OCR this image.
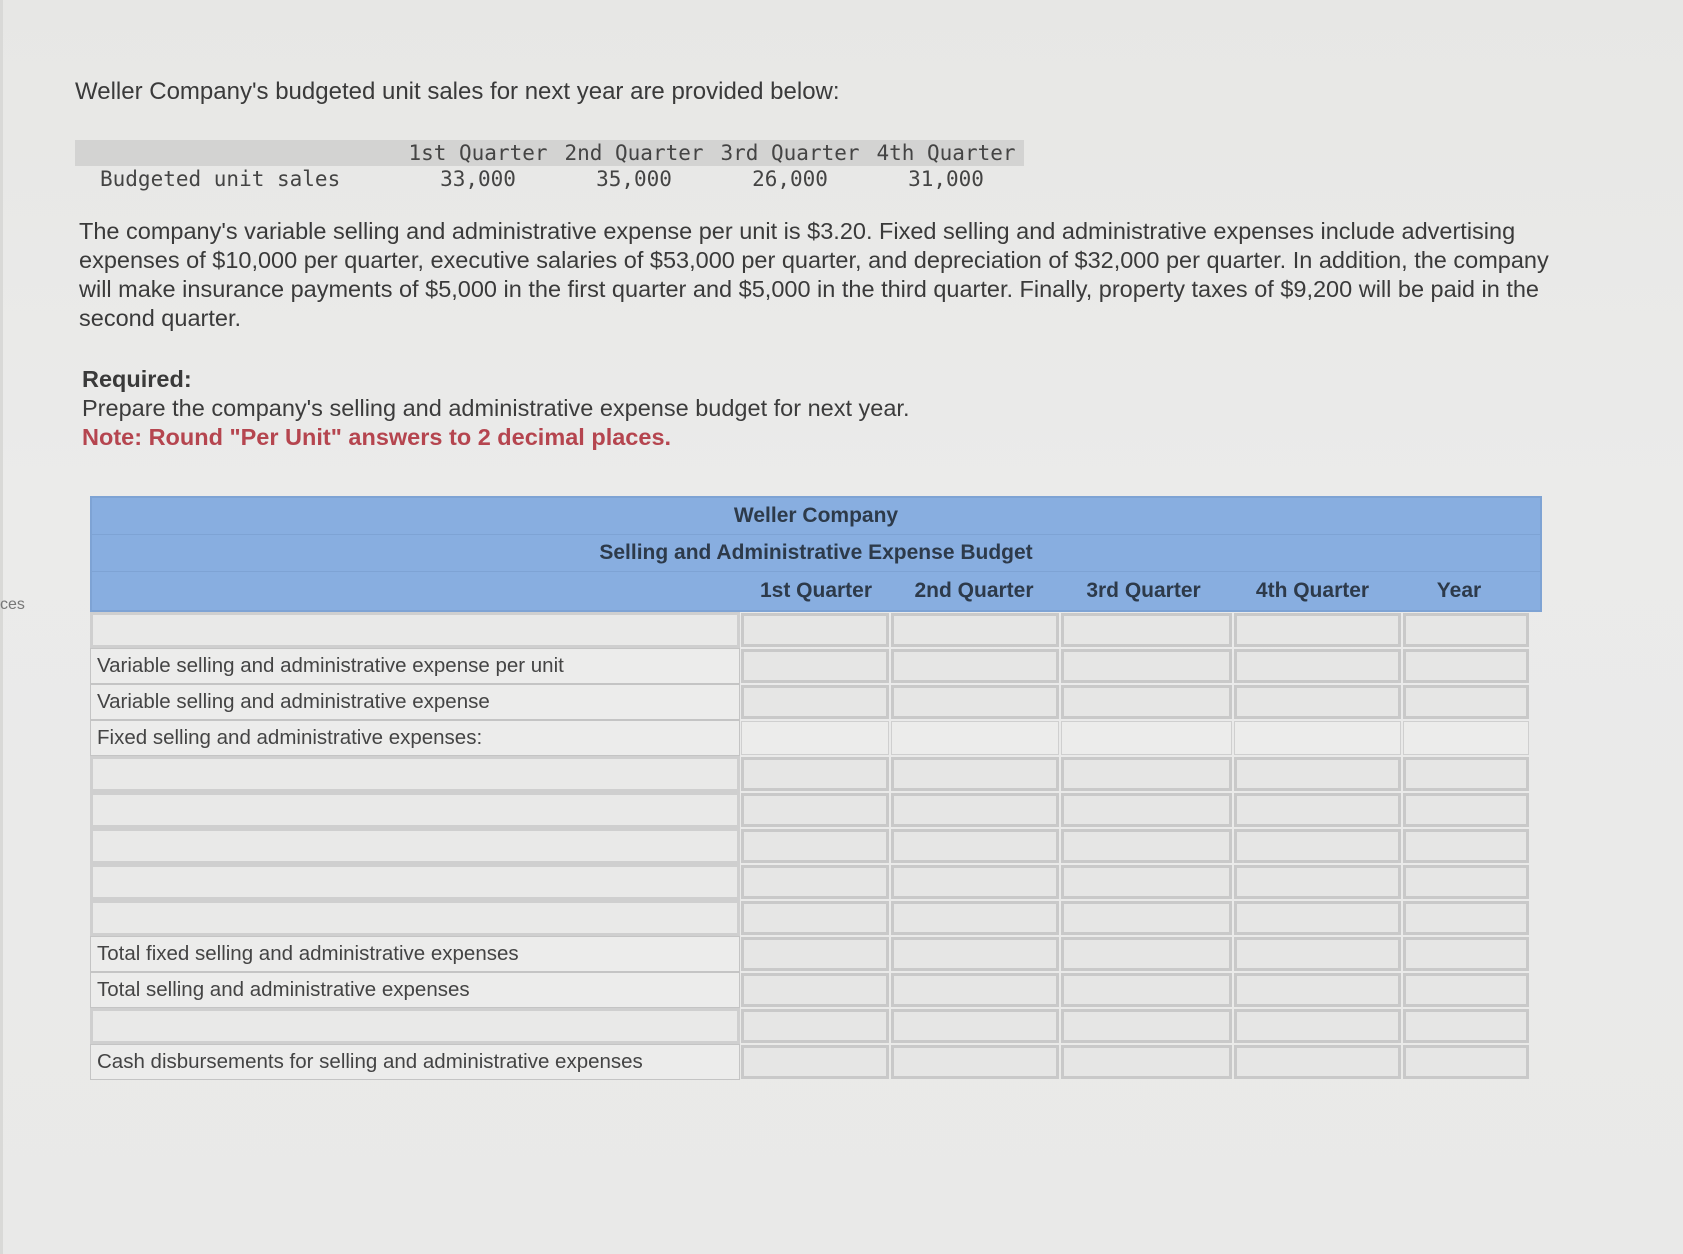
ces
Weller Company's budgeted unit sales for next year are provided below:
	1st Quarter	2nd Quarter	3rd Quarter	4th Quarter
Budgeted unit sales	33,000	35,000	26,000	31,000
The company's variable selling and administrative expense per unit is $3.20. Fixed selling and administrative expenses include advertising expenses of $10,000 per quarter, executive salaries of $53,000 per quarter, and depreciation of $32,000 per quarter. In addition, the company will make insurance payments of $5,000 in the first quarter and $5,000 in the third quarter. Finally, property taxes of $9,200 will be paid in the second quarter.
Required:
Prepare the company's selling and administrative expense budget for next year.
Note: Round "Per Unit" answers to 2 decimal places.
Weller Company
Selling and Administrative Expense Budget
1st Quarter	2nd Quarter	3rd Quarter	4th Quarter	Year
Variable selling and administrative expense per unit
Variable selling and administrative expense
Fixed selling and administrative expenses:
Total fixed selling and administrative expenses
Total selling and administrative expenses
Cash disbursements for selling and administrative expenses
